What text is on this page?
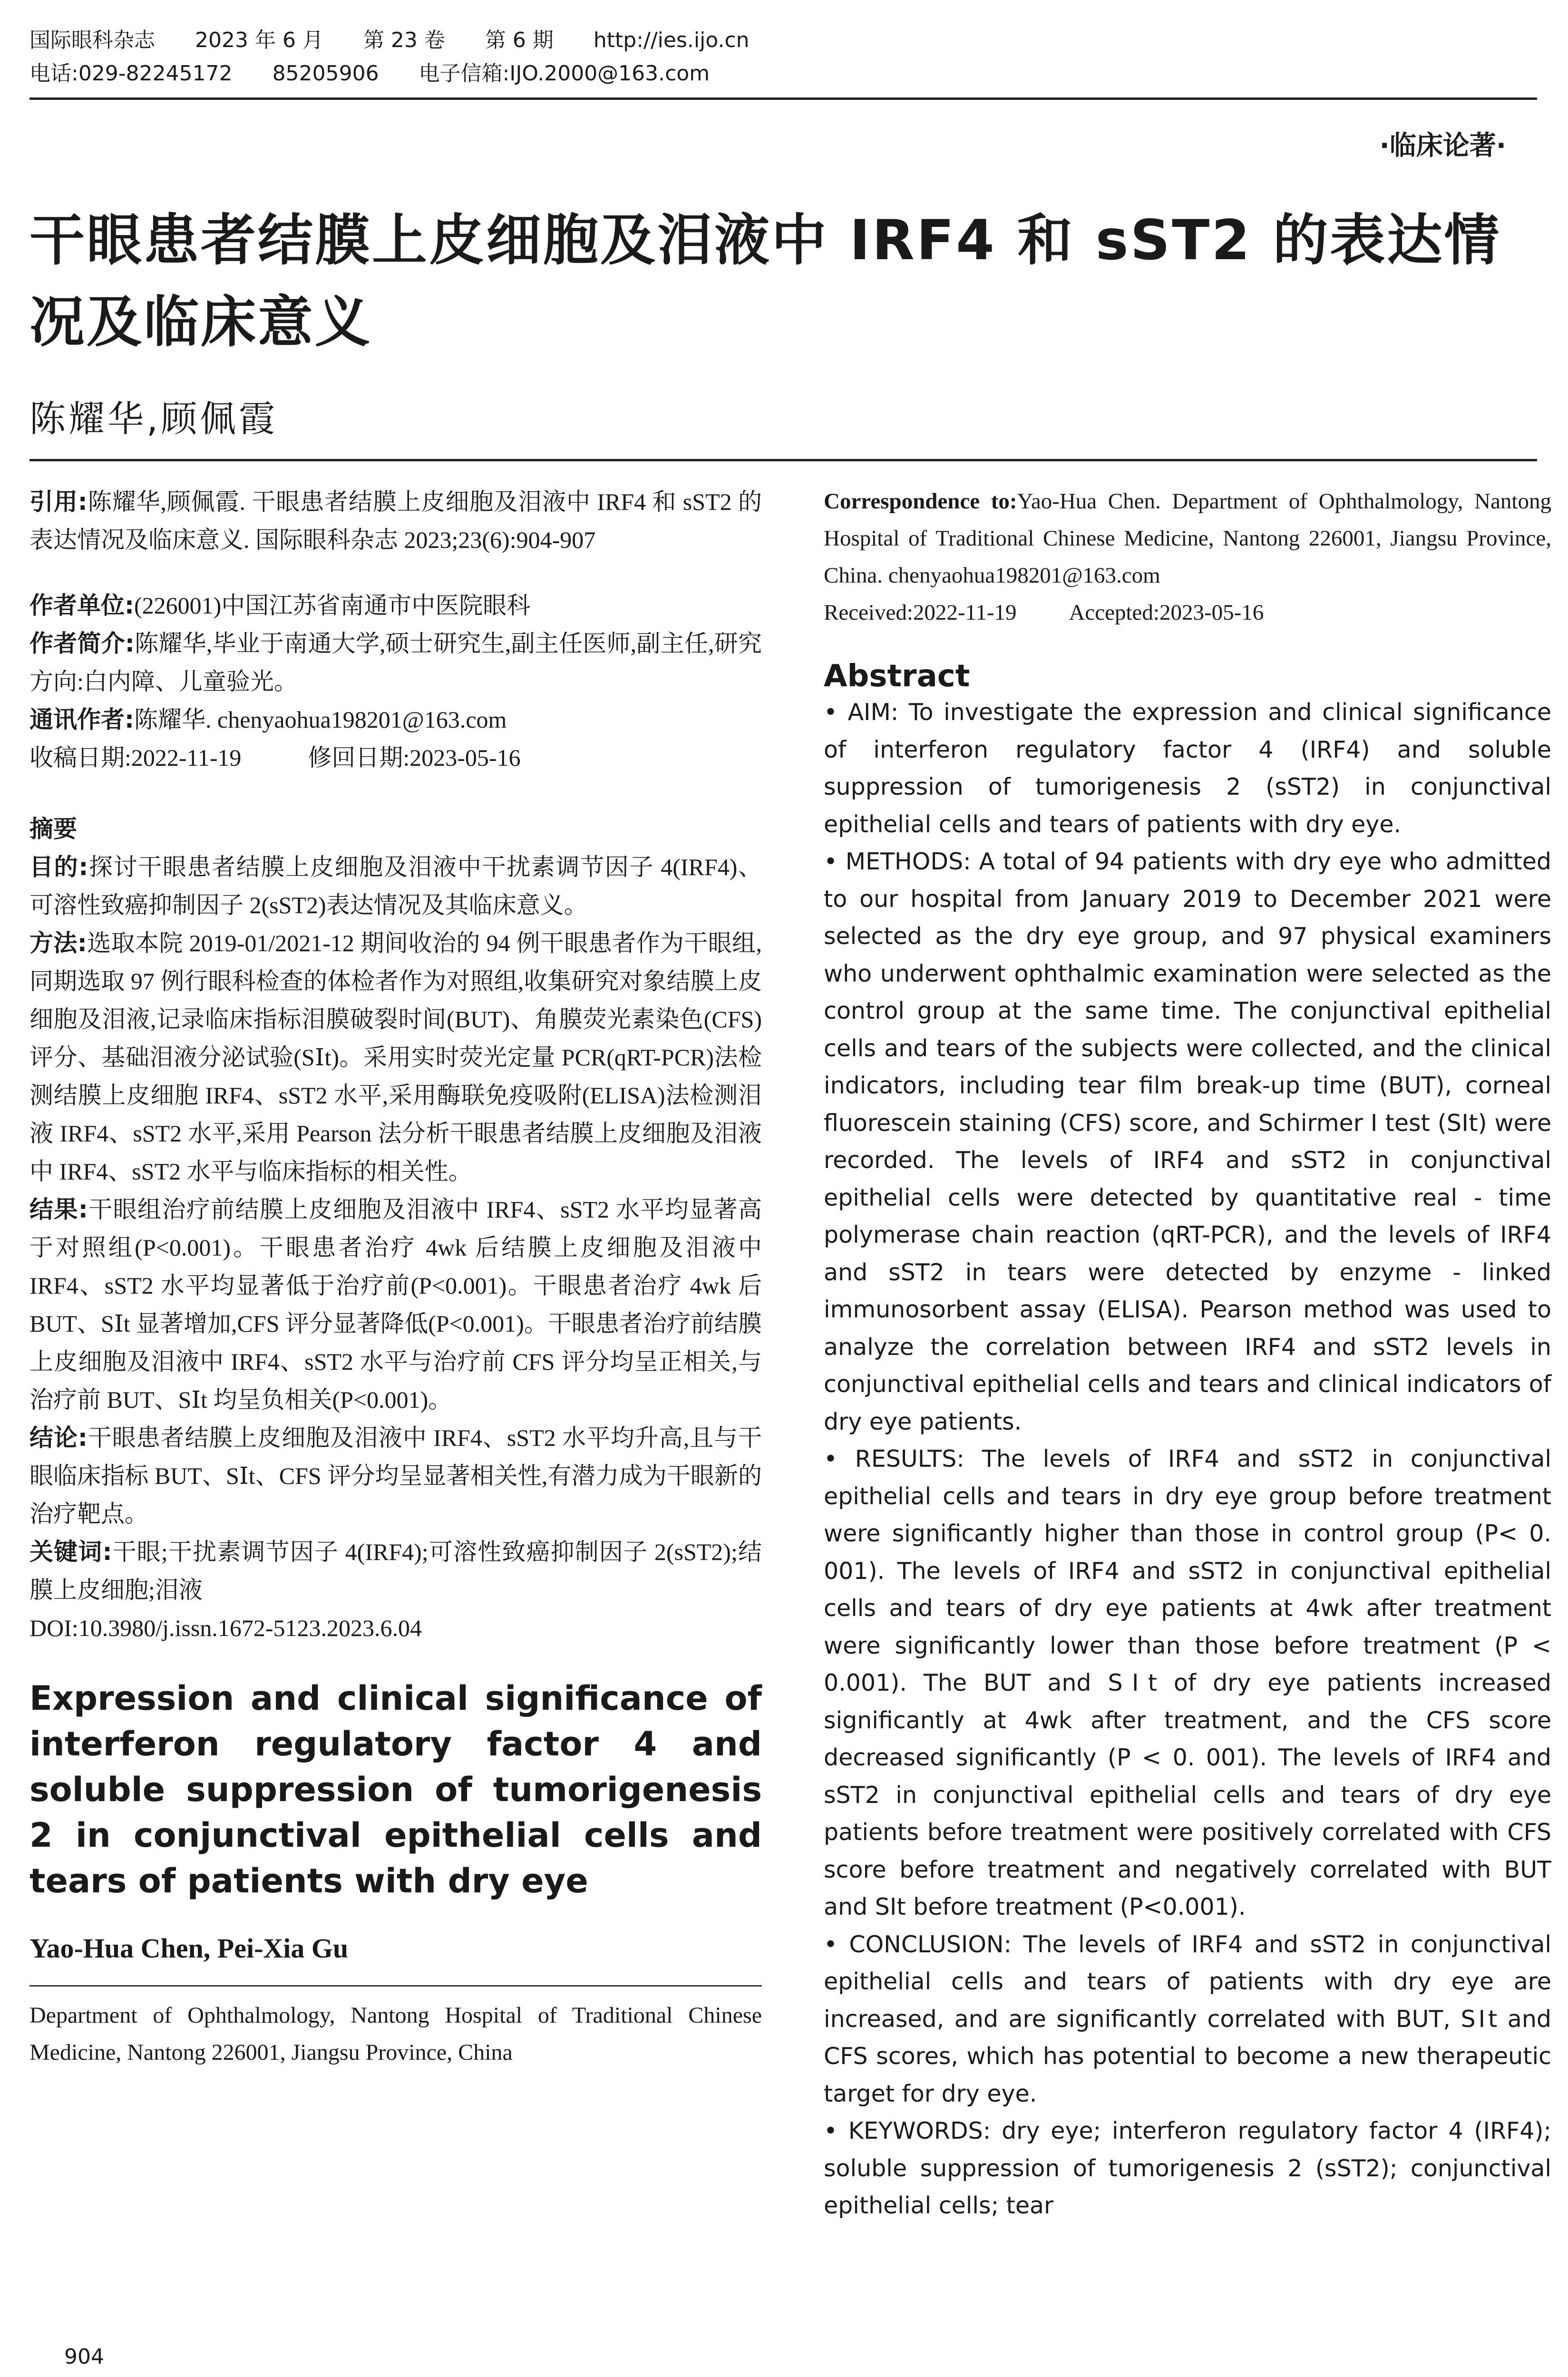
国际眼科杂志 2023 年 6 月 第 23 卷 第 6 期 http://ies.ijo.cn
电话:029-82245172 85205906 电子信箱:IJO.2000@163.com
·临床论著·
干眼患者结膜上皮细胞及泪液中 IRF4 和 sST2 的表达情况及临床意义
陈耀华,顾佩霞

引用:陈耀华,顾佩霞. 干眼患者结膜上皮细胞及泪液中 IRF4 和 sST2 的表达情况及临床意义. 国际眼科杂志 2023;23(6):904-907

作者单位:(226001)中国江苏省南通市中医院眼科

作者简介:陈耀华,毕业于南通大学,硕士研究生,副主任医师,副主任,研究方向:白内障、儿童验光。

通讯作者:陈耀华. chenyaohua198201@163.com

收稿日期:2022-11-19	修回日期:2023-05-16

摘要

目的:探讨干眼患者结膜上皮细胞及泪液中干扰素调节因子 4(IRF4)、可溶性致癌抑制因子 2(sST2)表达情况及其临床意义。

方法:选取本院 2019-01/2021-12 期间收治的 94 例干眼患者作为干眼组,同期选取 97 例行眼科检查的体检者作为对照组,收集研究对象结膜上皮细胞及泪液,记录临床指标泪膜破裂时间(BUT)、角膜荧光素染色(CFS)评分、基础泪液分泌试验(SⅠt)。采用实时荧光定量 PCR(qRT-PCR)法检测结膜上皮细胞 IRF4、sST2 水平,采用酶联免疫吸附(ELISA)法检测泪液 IRF4、sST2 水平,采用 Pearson 法分析干眼患者结膜上皮细胞及泪液中 IRF4、sST2 水平与临床指标的相关性。

结果:干眼组治疗前结膜上皮细胞及泪液中 IRF4、sST2 水平均显著高于对照组(P<0.001)。干眼患者治疗 4wk 后结膜上皮细胞及泪液中 IRF4、sST2 水平均显著低于治疗前(P<0.001)。干眼患者治疗 4wk 后 BUT、SⅠt 显著增加,CFS 评分显著降低(P<0.001)。干眼患者治疗前结膜上皮细胞及泪液中 IRF4、sST2 水平与治疗前 CFS 评分均呈正相关,与治疗前 BUT、SⅠt 均呈负相关(P<0.001)。

结论:干眼患者结膜上皮细胞及泪液中 IRF4、sST2 水平均升高,且与干眼临床指标 BUT、SⅠt、CFS 评分均呈显著相关性,有潜力成为干眼新的治疗靶点。

关键词:干眼;干扰素调节因子 4(IRF4);可溶性致癌抑制因子 2(sST2);结膜上皮细胞;泪液

DOI:10.3980/j.issn.1672-5123.2023.6.04

Expression and clinical significance of interferon regulatory factor 4 and soluble suppression of tumorigenesis 2 in conjunctival epithelial cells and tears of patients with dry eye

Yao-Hua Chen, Pei-Xia Gu

Department of Ophthalmology, Nantong Hospital of Traditional Chinese Medicine, Nantong 226001, Jiangsu Province, China

Correspondence to:Yao-Hua Chen. Department of Ophthalmology, Nantong Hospital of Traditional Chinese Medicine, Nantong 226001, Jiangsu Province, China. chenyaohua198201@163.com

Received:2022-11-19 Accepted:2023-05-16

Abstract

• AIM: To investigate the expression and clinical significance of interferon regulatory factor 4 (IRF4) and soluble suppression of tumorigenesis 2 (sST2) in conjunctival epithelial cells and tears of patients with dry eye.

• METHODS: A total of 94 patients with dry eye who admitted to our hospital from January 2019 to December 2021 were selected as the dry eye group, and 97 physical examiners who underwent ophthalmic examination were selected as the control group at the same time. The conjunctival epithelial cells and tears of the subjects were collected, and the clinical indicators, including tear film break-up time (BUT), corneal fluorescein staining (CFS) score, and Schirmer Ⅰ test (SⅠt) were recorded. The levels of IRF4 and sST2 in conjunctival epithelial cells were detected by quantitative real - time polymerase chain reaction (qRT-PCR), and the levels of IRF4 and sST2 in tears were detected by enzyme - linked immunosorbent assay (ELISA). Pearson method was used to analyze the correlation between IRF4 and sST2 levels in conjunctival epithelial cells and tears and clinical indicators of dry eye patients.

• RESULTS: The levels of IRF4 and sST2 in conjunctival epithelial cells and tears in dry eye group before treatment were significantly higher than those in control group (P< 0. 001). The levels of IRF4 and sST2 in conjunctival epithelial cells and tears of dry eye patients at 4wk after treatment were significantly lower than those before treatment (P < 0.001). The BUT and SⅠt of dry eye patients increased significantly at 4wk after treatment, and the CFS score decreased significantly (P < 0. 001). The levels of IRF4 and sST2 in conjunctival epithelial cells and tears of dry eye patients before treatment were positively correlated with CFS score before treatment and negatively correlated with BUT and SⅠt before treatment (P<0.001).

• CONCLUSION: The levels of IRF4 and sST2 in conjunctival epithelial cells and tears of patients with dry eye are increased, and are significantly correlated with BUT, SⅠt and CFS scores, which has potential to become a new therapeutic target for dry eye.

• KEYWORDS: dry eye; interferon regulatory factor 4 (IRF4); soluble suppression of tumorigenesis 2 (sST2); conjunctival epithelial cells; tear

904
